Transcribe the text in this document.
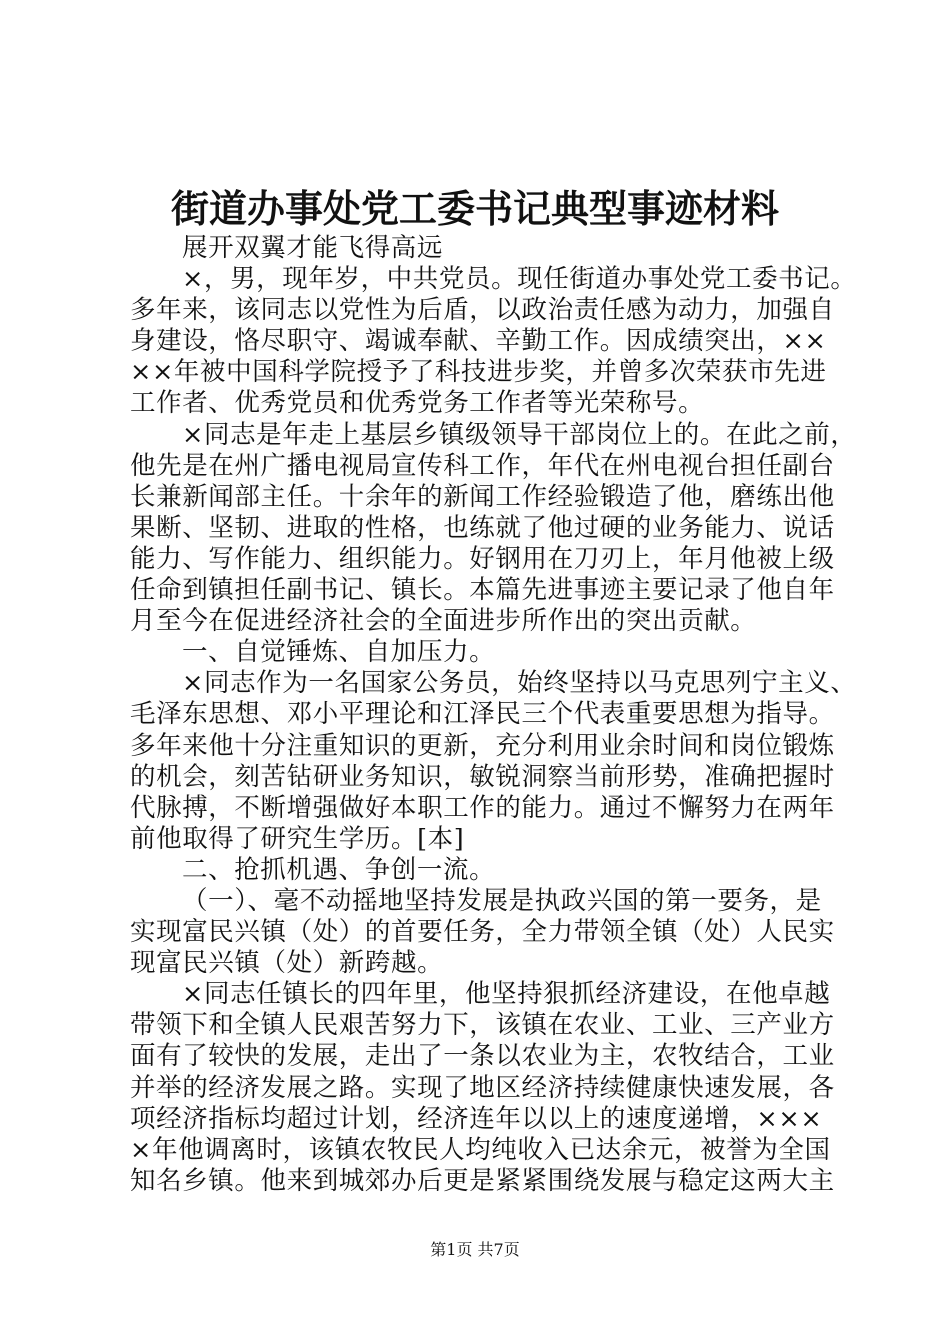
街道办事处党工委书记典型事迹材料
展开双翼才能飞得高远
×，男，现年岁，中共党员。现任街道办事处党工委书记。
多年来，该同志以党性为后盾，以政治责任感为动力，加强自
身建设，恪尽职守、竭诚奉献、辛勤工作。因成绩突出，××
××年被中国科学院授予了科技进步奖，并曾多次荣获市先进
工作者、优秀党员和优秀党务工作者等光荣称号。
×同志是年走上基层乡镇级领导干部岗位上的。在此之前，
他先是在州广播电视局宣传科工作，年代在州电视台担任副台
长兼新闻部主任。十余年的新闻工作经验锻造了他，磨练出他
果断、坚韧、进取的性格，也练就了他过硬的业务能力、说话
能力、写作能力、组织能力。好钢用在刀刃上，年月他被上级
任命到镇担任副书记、镇长。本篇先进事迹主要记录了他自年
月至今在促进经济社会的全面进步所作出的突出贡献。
一、自觉锤炼、自加压力。
×同志作为一名国家公务员，始终坚持以马克思列宁主义、
毛泽东思想、邓小平理论和江泽民三个代表重要思想为指导。
多年来他十分注重知识的更新，充分利用业余时间和岗位锻炼
的机会，刻苦钻研业务知识，敏锐洞察当前形势，准确把握时
代脉搏，不断增强做好本职工作的能力。通过不懈努力在两年
前他取得了研究生学历。[本]
二、抢抓机遇、争创一流。
（一）、毫不动摇地坚持发展是执政兴国的第一要务，是
实现富民兴镇（处）的首要任务，全力带领全镇（处）人民实
现富民兴镇（处）新跨越。
×同志任镇长的四年里，他坚持狠抓经济建设，在他卓越
带领下和全镇人民艰苦努力下，该镇在农业、工业、三产业方
面有了较快的发展，走出了一条以农业为主，农牧结合，工业
并举的经济发展之路。实现了地区经济持续健康快速发展，各
项经济指标均超过计划，经济连年以以上的速度递增，×××
×年他调离时，该镇农牧民人均纯收入已达余元，被誉为全国
知名乡镇。他来到城郊办后更是紧紧围绕发展与稳定这两大主
第1页 共7页
